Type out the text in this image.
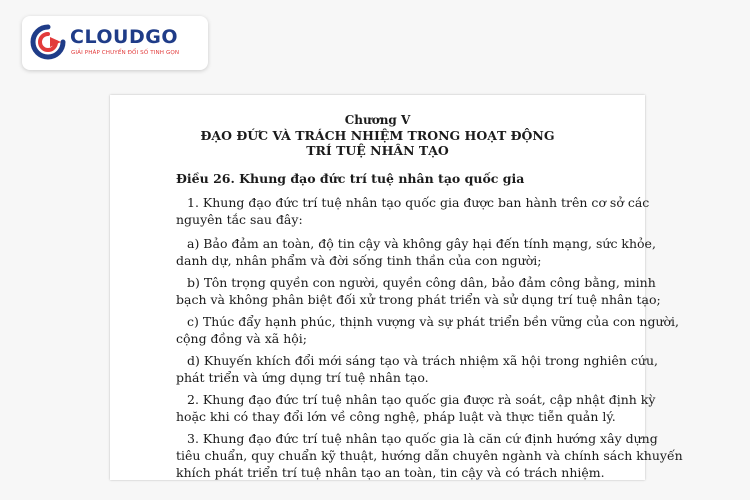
CLOUDGO
GIẢI PHÁP CHUYỂN ĐỔI SỐ TINH GỌN
Chương V
ĐẠO ĐỨC VÀ TRÁCH NHIỆM TRONG HOẠT ĐỘNG
TRÍ TUỆ NHÂN TẠO
Điều 26. Khung đạo đức trí tuệ nhân tạo quốc gia
1. Khung đạo đức trí tuệ nhân tạo quốc gia được ban hành trên cơ sở các
nguyên tắc sau đây:
a) Bảo đảm an toàn, độ tin cậy và không gây hại đến tính mạng, sức khỏe,
danh dự, nhân phẩm và đời sống tinh thần của con người;
b) Tôn trọng quyền con người, quyền công dân, bảo đảm công bằng, minh
bạch và không phân biệt đối xử trong phát triển và sử dụng trí tuệ nhân tạo;
c) Thúc đẩy hạnh phúc, thịnh vượng và sự phát triển bền vững của con người,
cộng đồng và xã hội;
d) Khuyến khích đổi mới sáng tạo và trách nhiệm xã hội trong nghiên cứu,
phát triển và ứng dụng trí tuệ nhân tạo.
2. Khung đạo đức trí tuệ nhân tạo quốc gia được rà soát, cập nhật định kỳ
hoặc khi có thay đổi lớn về công nghệ, pháp luật và thực tiễn quản lý.
3. Khung đạo đức trí tuệ nhân tạo quốc gia là căn cứ định hướng xây dựng
tiêu chuẩn, quy chuẩn kỹ thuật, hướng dẫn chuyên ngành và chính sách khuyến
khích phát triển trí tuệ nhân tạo an toàn, tin cậy và có trách nhiệm.
